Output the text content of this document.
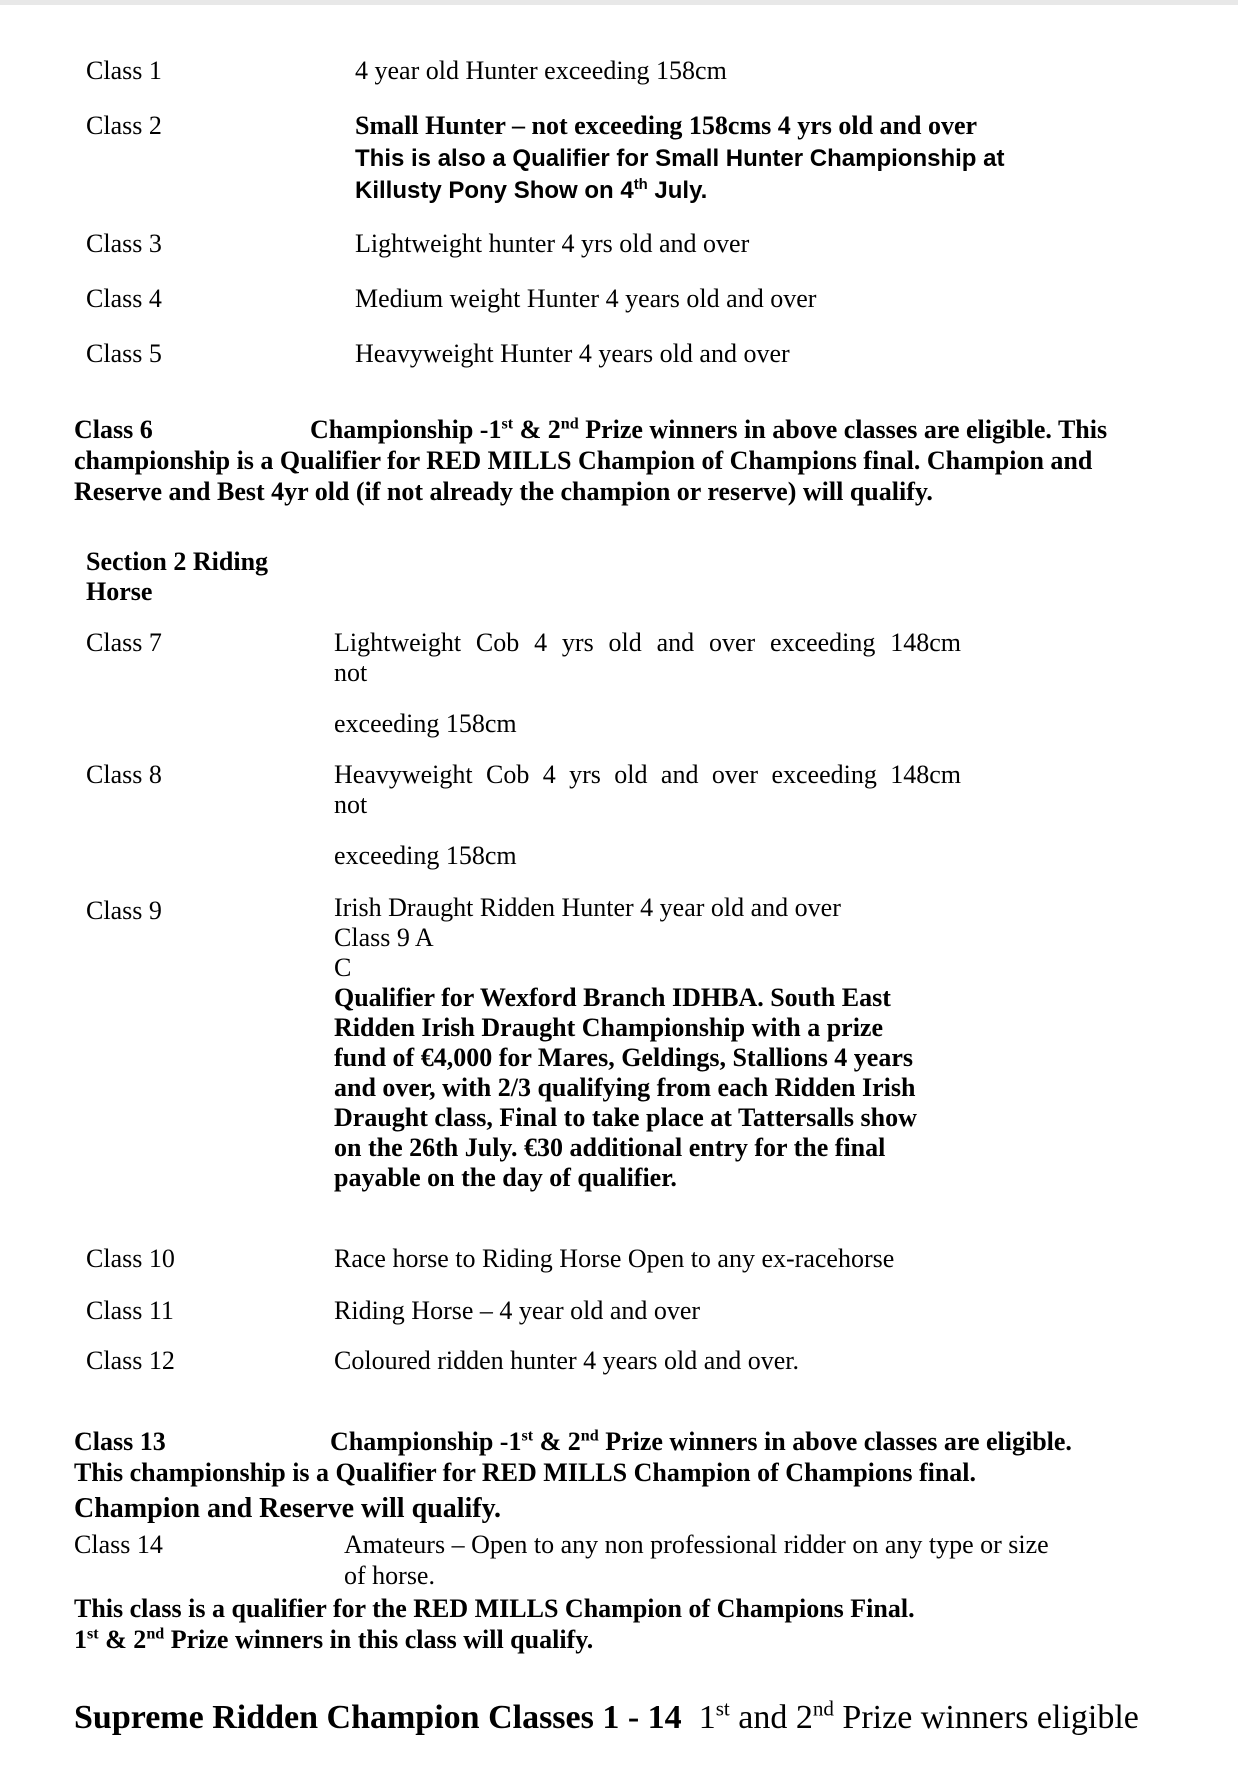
Class 1	4 year old Hunter exceeding 158cm
Class 2	Small Hunter – not exceeding 158cms 4 yrs old and over
This is also a Qualifier for Small Hunter Championship at
Killusty Pony Show on 4th July.
Class 3	Lightweight hunter 4 yrs old and over
Class 4	Medium weight Hunter 4 years old and over
Class 5	Heavyweight Hunter 4 years old and over
Class 6	Championship -1st & 2nd Prize winners in above classes are eligible. This
championship is a Qualifier for RED MILLS Champion of Champions final. Champion and
Reserve and Best 4yr old (if not already the champion or reserve) will qualify.
Section 2 Riding
Horse
Class 7	Lightweight Cob 4 yrs old and over exceeding 148cm
not
exceeding 158cm
Class 8	Heavyweight Cob 4 yrs old and over exceeding 148cm
not
exceeding 158cm
Class 9	Irish Draught Ridden Hunter 4 year old and over
Class 9 A
C
Qualifier for Wexford Branch IDHBA. South East
Ridden Irish Draught Championship with a prize
fund of €4,000 for Mares, Geldings, Stallions 4 years
and over, with 2/3 qualifying from each Ridden Irish
Draught class, Final to take place at Tattersalls show
on the 26th July. €30 additional entry for the final
payable on the day of qualifier.
Class 10	Race horse to Riding Horse Open to any ex-racehorse
Class 11	Riding Horse – 4 year old and over
Class 12	Coloured ridden hunter 4 years old and over.
Class 13	Championship -1st & 2nd Prize winners in above classes are eligible.
This championship is a Qualifier for RED MILLS Champion of Champions final.
Champion and Reserve will qualify.
Class 14	Amateurs – Open to any non professional ridder on any type or size
of horse.
This class is a qualifier for the RED MILLS Champion of Champions Final.
1st & 2nd Prize winners in this class will qualify.
Supreme Ridden Champion Classes 1 - 14 1st and 2nd Prize winners eligible
